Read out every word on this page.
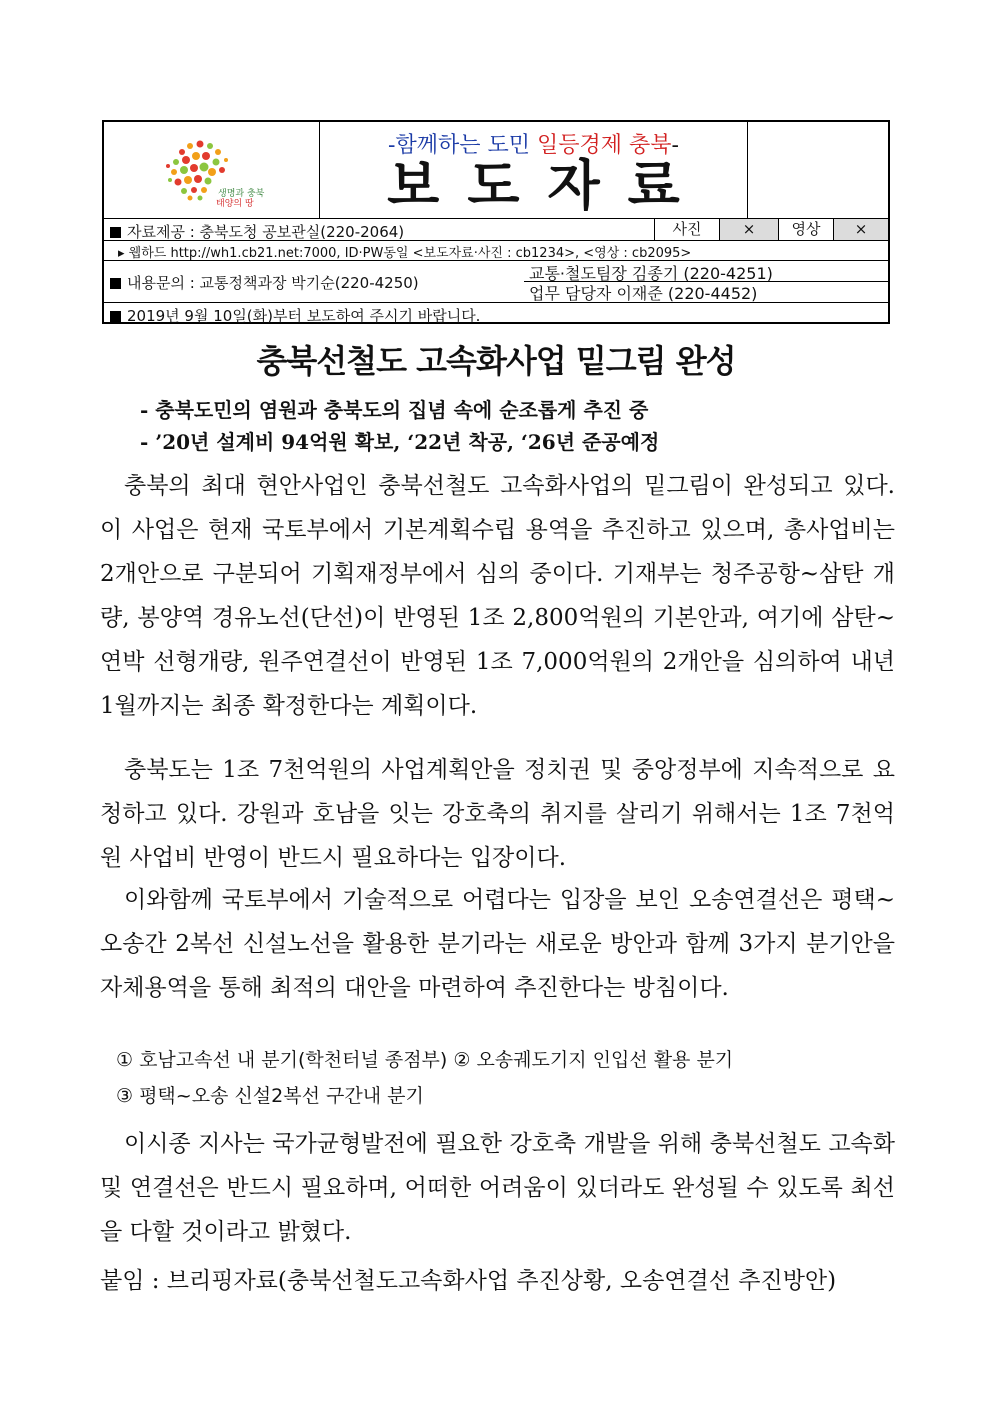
생명과 충북
태양의 땅
-함께하는 도민 일등경제 충북-
보도자료
자료제공 : 충북도청 공보관실(220-2064)	사진	×	영상	×
▸ 웹하드 http://wh1.cb21.net:7000, ID·PW동일 <보도자료·사진 : cb1234>, <영상 : cb2095>
내용문의 : 교통정책과장 박기순(220-4250)	교통·철도팀장 김종기 (220-4251)
업무 담당자 이재준 (220-4452)
2019년 9월 10일(화)부터 보도하여 주시기 바랍니다.
충북선철도 고속화사업 밑그림 완성
- 충북도민의 염원과 충북도의 집념 속에 순조롭게 추진 중
- ’20년 설계비 94억원 확보, ‘22년 착공, ‘26년 준공예정
충북의 최대 현안사업인 충북선철도 고속화사업의 밑그림이 완성되고 있다. 이 사업은 현재 국토부에서 기본계획수립 용역을 추진하고 있으며, 총사업비는 2개안으로 구분되어 기획재정부에서 심의 중이다. 기재부는 청주공항~삼탄 개량, 봉양역 경유노선(단선)이 반영된 1조 2,800억원의 기본안과, 여기에 삼탄~연박 선형개량, 원주연결선이 반영된 1조 7,000억원의 2개안을 심의하여 내년 1월까지는 최종 확정한다는 계획이다.
충북도는 1조 7천억원의 사업계획안을 정치권 및 중앙정부에 지속적으로 요청하고 있다. 강원과 호남을 잇는 강호축의 취지를 살리기 위해서는 1조 7천억원 사업비 반영이 반드시 필요하다는 입장이다.
이와함께 국토부에서 기술적으로 어렵다는 입장을 보인 오송연결선은 평택~오송간 2복선 신설노선을 활용한 분기라는 새로운 방안과 함께 3가지 분기안을 자체용역을 통해 최적의 대안을 마련하여 추진한다는 방침이다.
① 호남고속선 내 분기(학천터널 종점부) ② 오송궤도기지 인입선 활용 분기
③ 평택~오송 신설2복선 구간내 분기
이시종 지사는 국가균형발전에 필요한 강호축 개발을 위해 충북선철도 고속화 및 연결선은 반드시 필요하며, 어떠한 어려움이 있더라도 완성될 수 있도록 최선을 다할 것이라고 밝혔다.
붙임 : 브리핑자료(충북선철도고속화사업 추진상황, 오송연결선 추진방안)
